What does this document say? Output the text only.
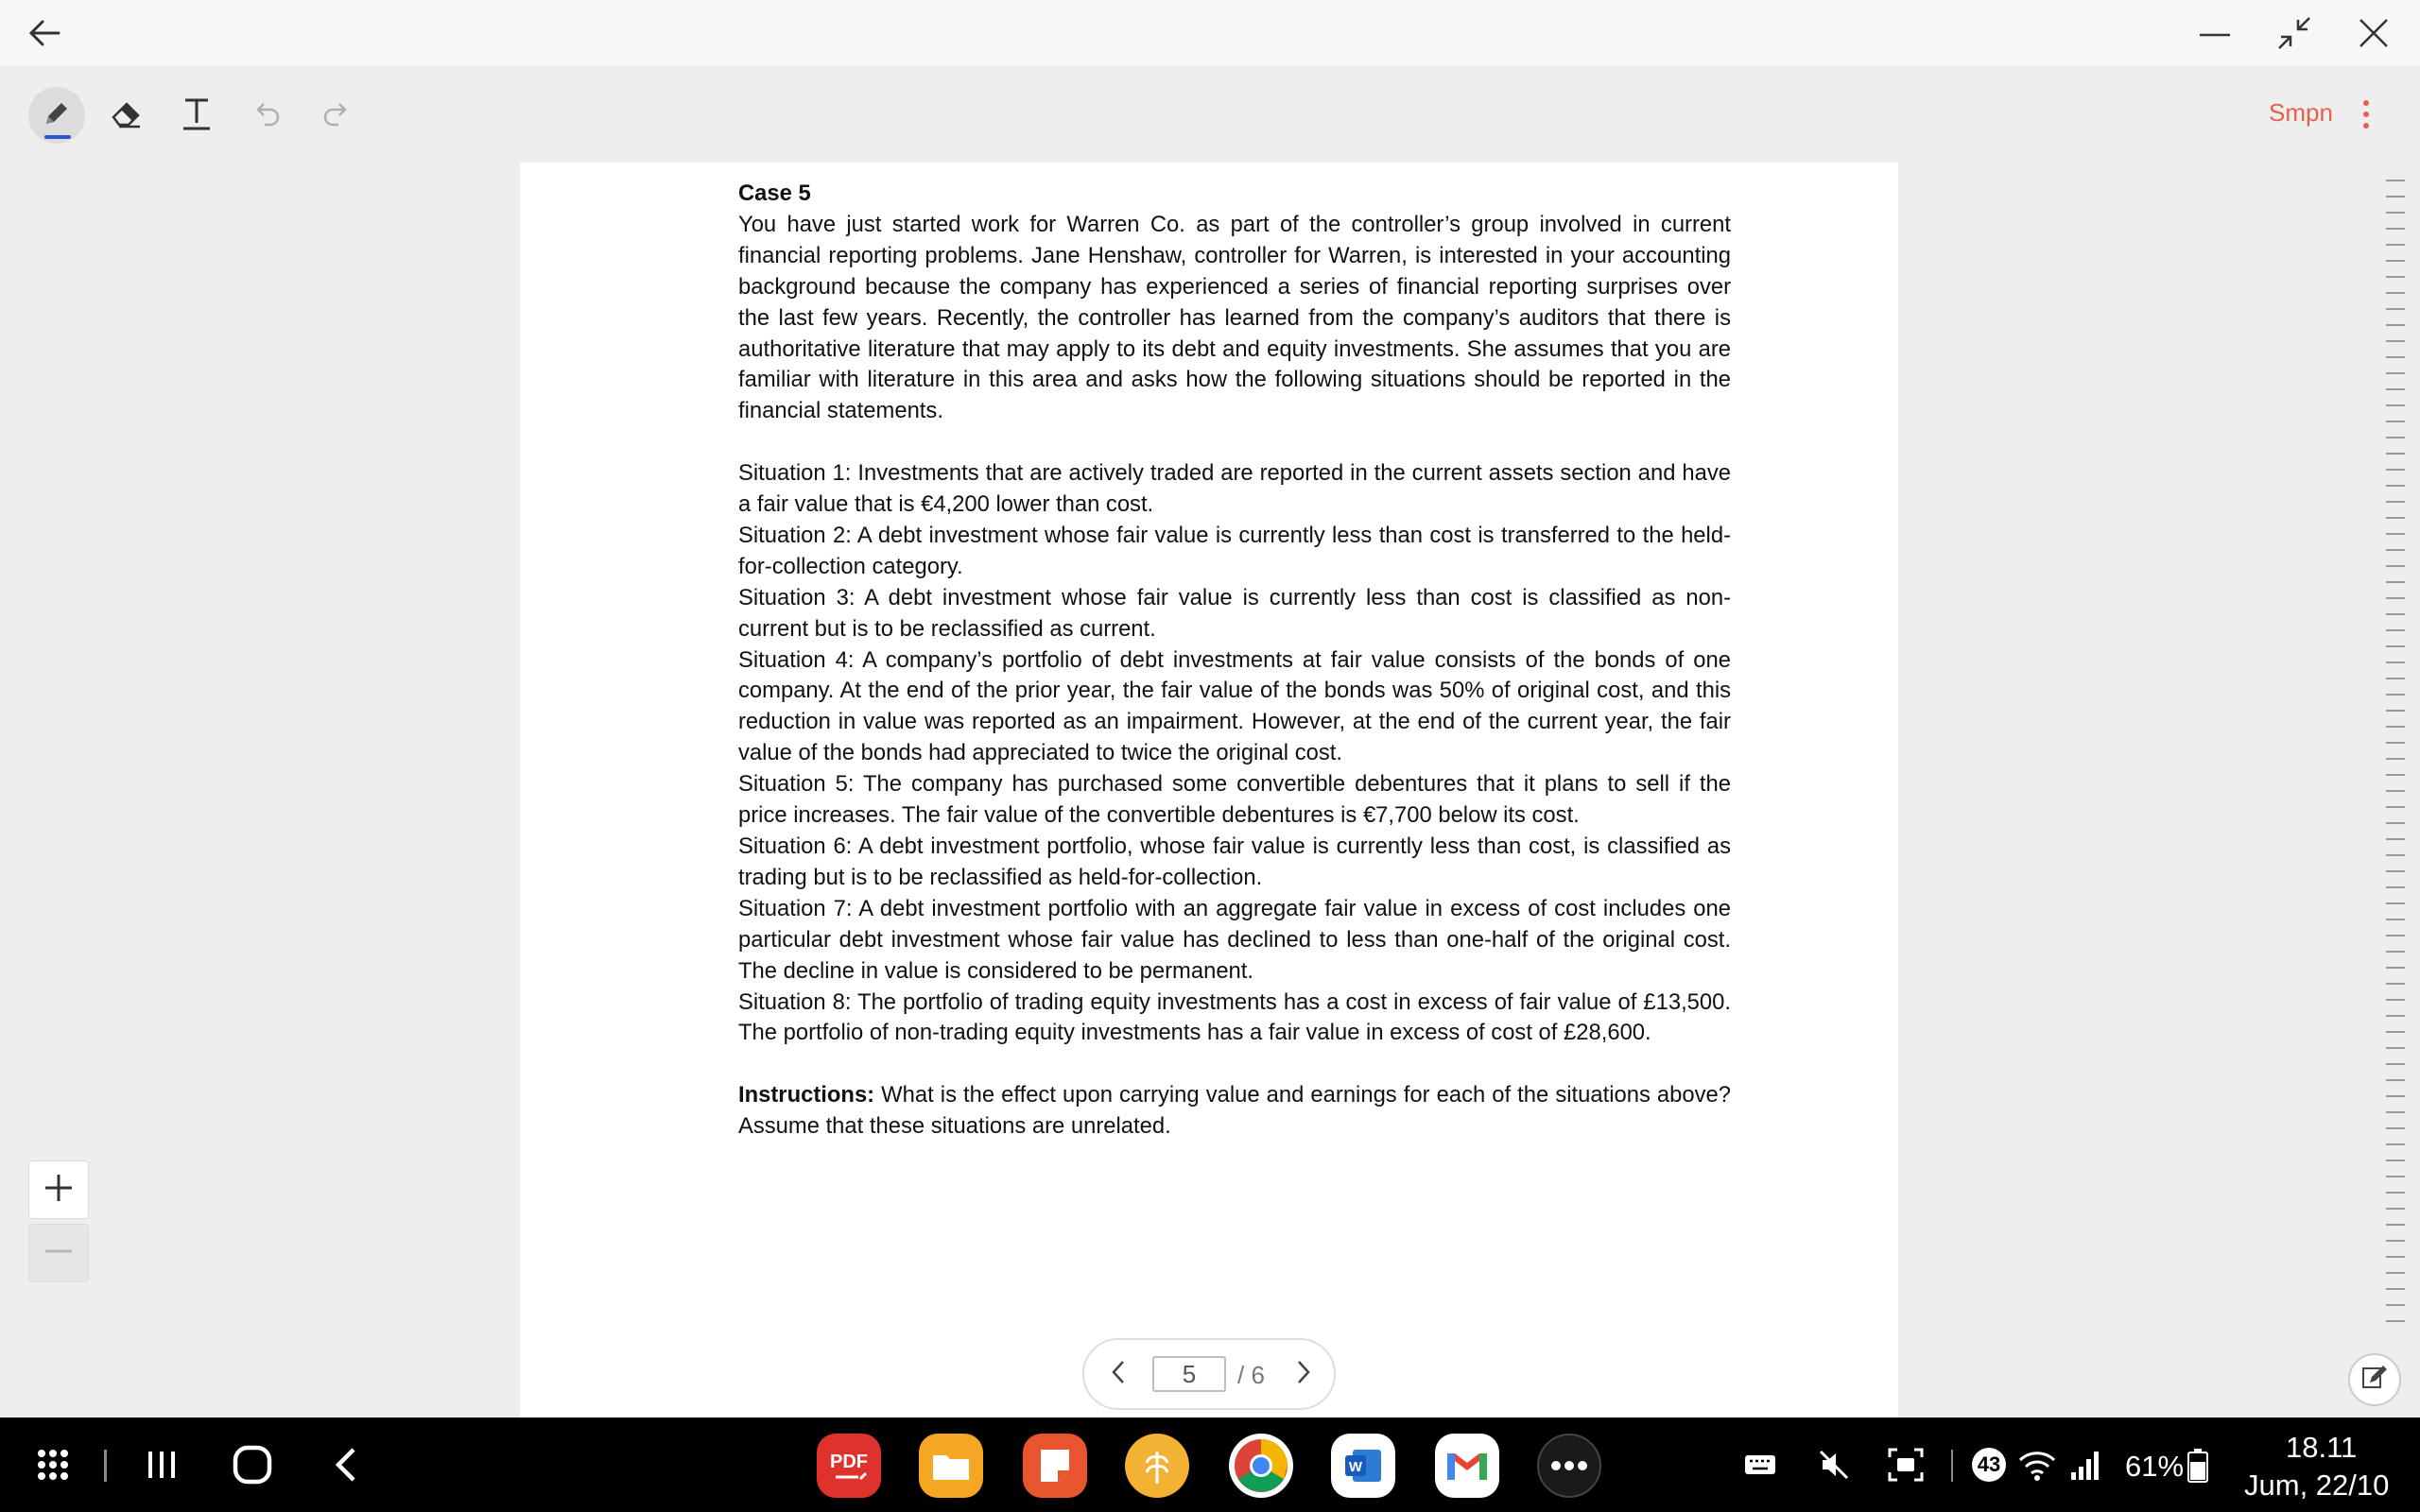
Smpn

Case 5

You have just started work for Warren Co. as part of the controller’s group involved in current financial reporting problems. Jane Henshaw, controller for Warren, is interested in your accounting background because the company has experienced a series of financial reporting surprises over the last few years. Recently, the controller has learned from the company’s auditors that there is authoritative literature that may apply to its debt and equity investments. She assumes that you are familiar with literature in this area and asks how the following situations should be reported in the financial statements.

Situation 1: Investments that are actively traded are reported in the current assets section and have a fair value that is €4,200 lower than cost.

Situation 2: A debt investment whose fair value is currently less than cost is transferred to the held-for-collection category.

Situation 3: A debt investment whose fair value is currently less than cost is classified as non-current but is to be reclassified as current.

Situation 4: A company’s portfolio of debt investments at fair value consists of the bonds of one company. At the end of the prior year, the fair value of the bonds was 50% of original cost, and this reduction in value was reported as an impairment. However, at the end of the current year, the fair value of the bonds had appreciated to twice the original cost.

Situation 5: The company has purchased some convertible debentures that it plans to sell if the price increases. The fair value of the convertible debentures is €7,700 below its cost.

Situation 6: A debt investment portfolio, whose fair value is currently less than cost, is classified as trading but is to be reclassified as held-for-collection.

Situation 7: A debt investment portfolio with an aggregate fair value in excess of cost includes one particular debt investment whose fair value has declined to less than one-half of the original cost. The decline in value is considered to be permanent.

Situation 8: The portfolio of trading equity investments has a cost in excess of fair value of £13,500. The portfolio of non-trading equity investments has a fair value in excess of cost of £28,600.

Instructions: What is the effect upon carrying value and earnings for each of the situations above? Assume that these situations are unrelated.

5
/ 6
PDF	W	43	61%
18.11
Jum, 22/10
